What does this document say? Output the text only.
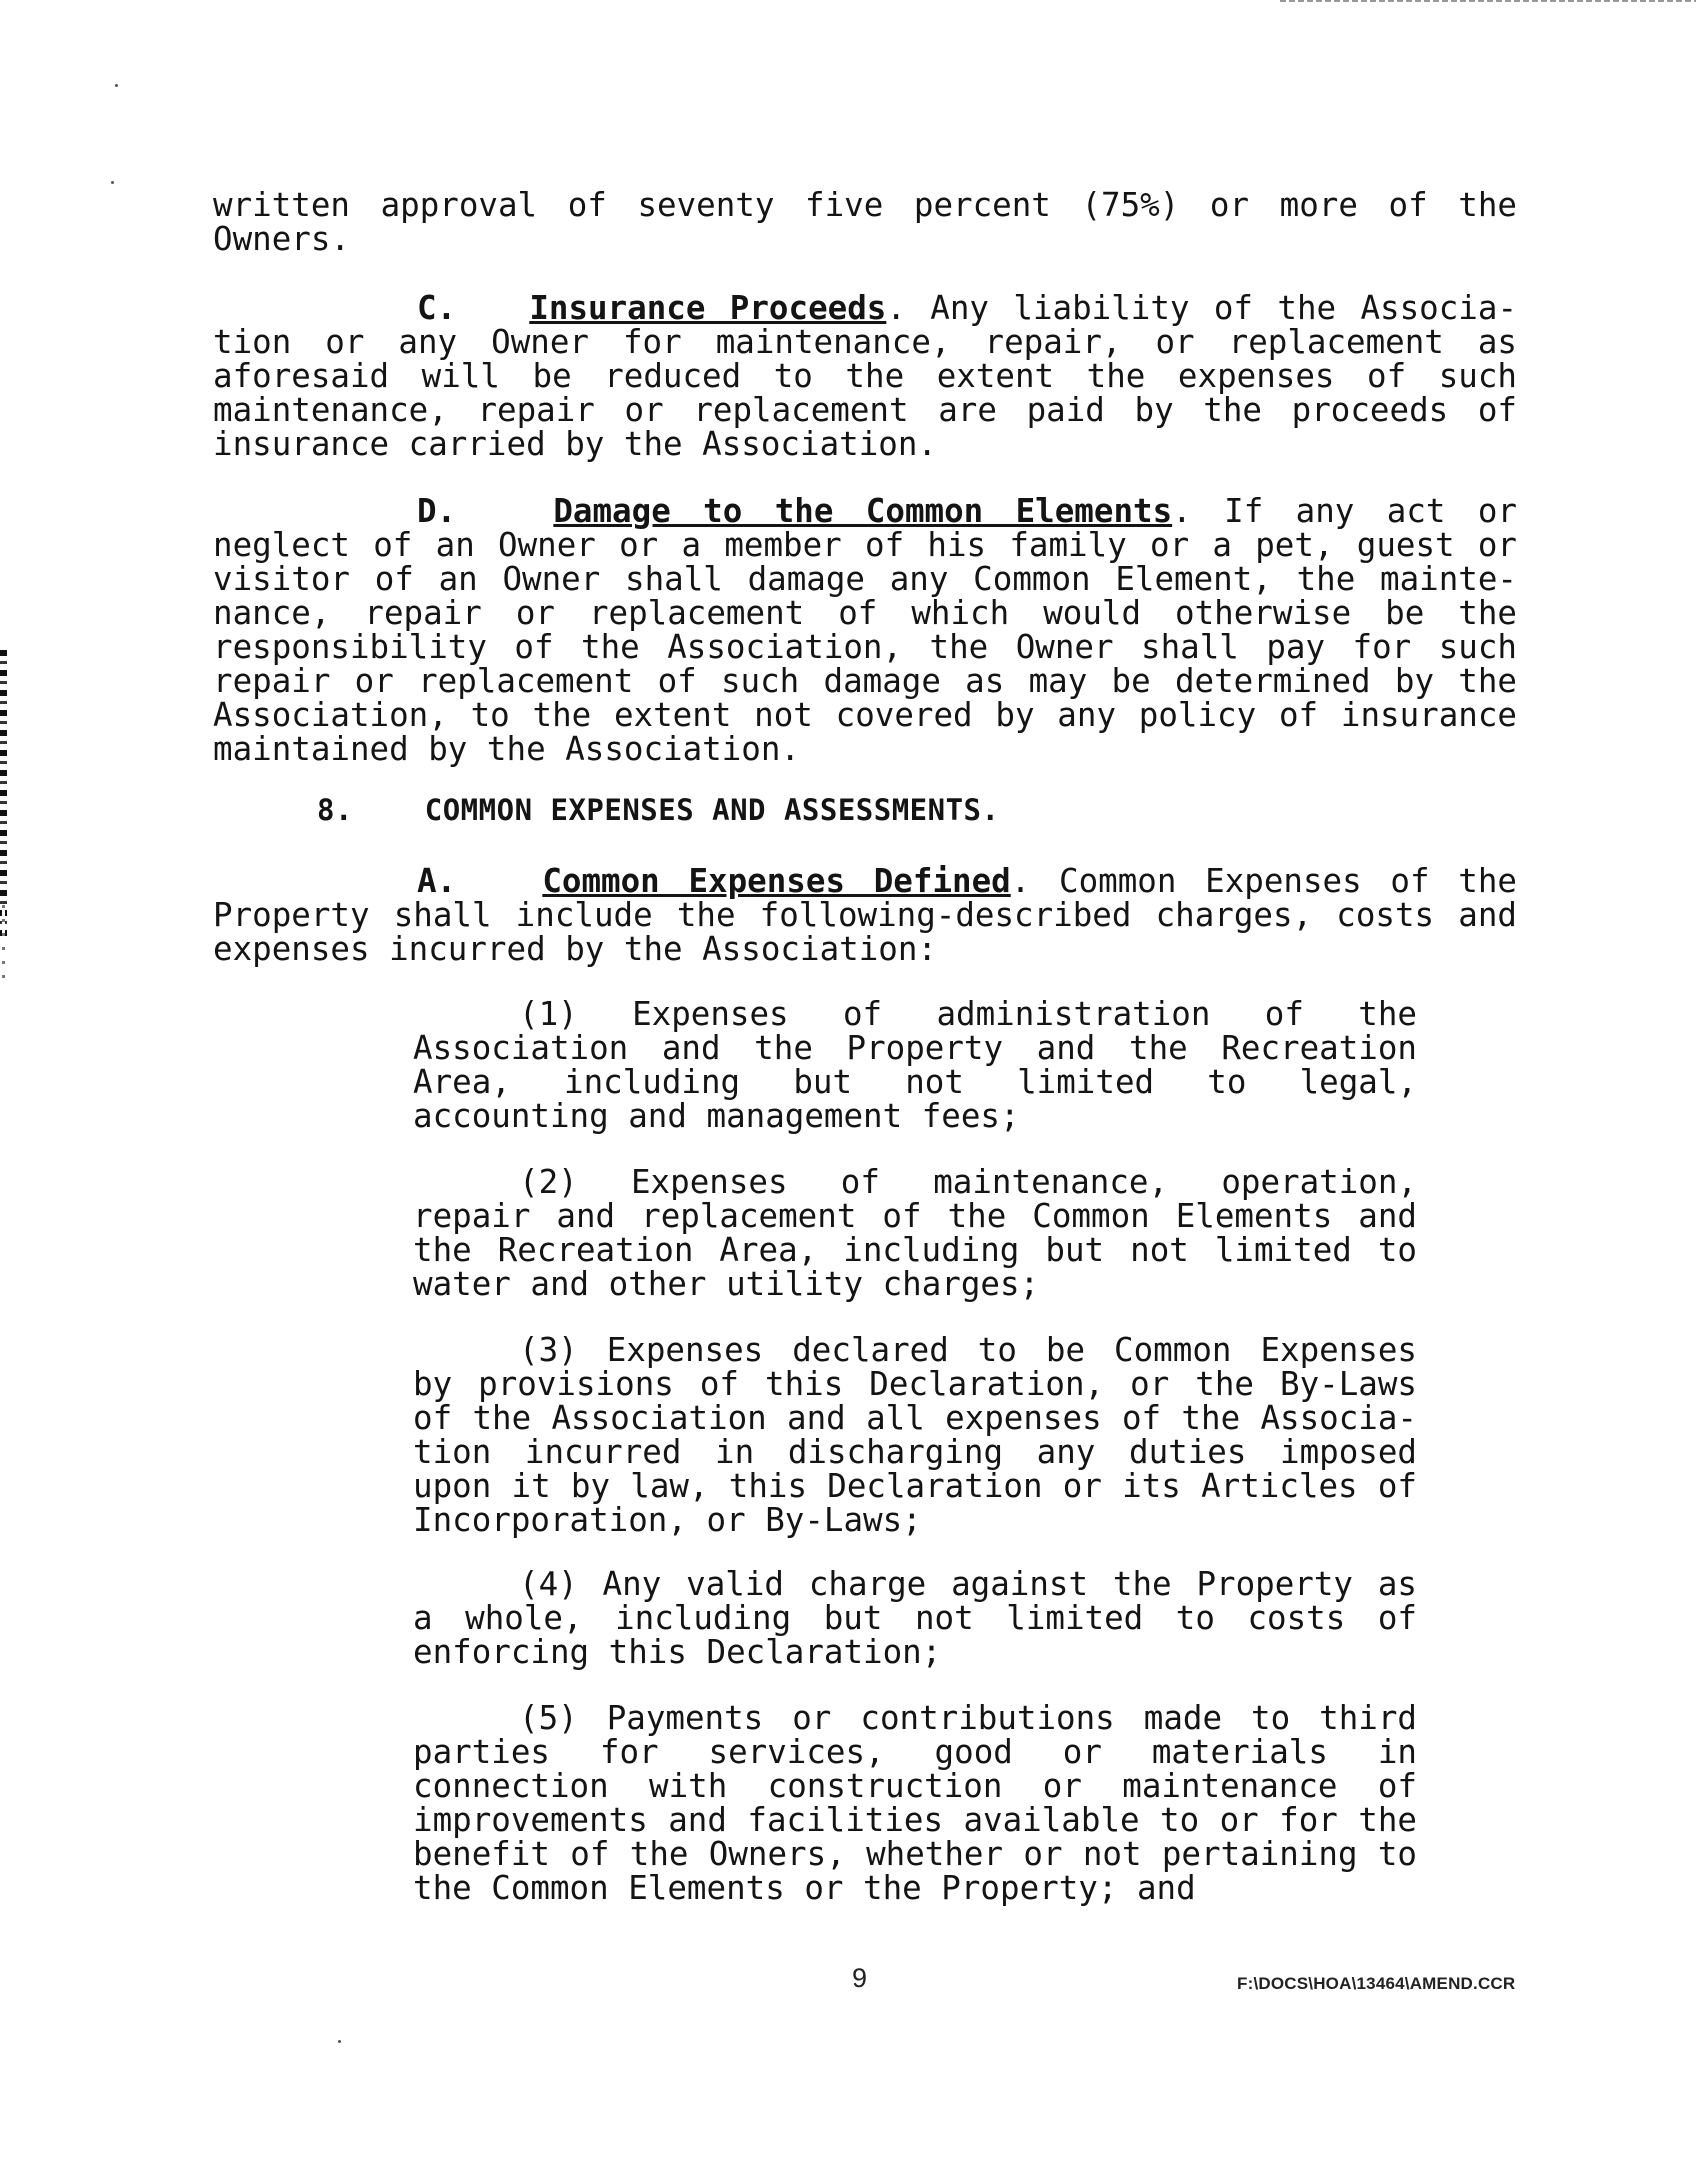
written approval of seventy five percent (75%) or more of the
Owners.
C. Insurance Proceeds. Any liability of the Associa-
tion or any Owner for maintenance, repair, or replacement as
aforesaid will be reduced to the extent the expenses of such
maintenance, repair or replacement are paid by the proceeds of
insurance carried by the Association.
D.	Damage to the Common Elements. If any act or
neglect of an Owner or a member of his family or a pet, guest or
visitor of an Owner shall damage any Common Element, the mainte-
nance, repair or replacement of which would otherwise be the
responsibility of the Association, the Owner shall pay for such
repair or replacement of such damage as may be determined by the
Association, to the extent not covered by any policy of insurance
maintained by the Association.
8. COMMON EXPENSES AND ASSESSMENTS.
A.	Common Expenses Defined. Common Expenses of the
Property shall include the following-described charges, costs and
expenses incurred by the Association:
(1) Expenses of administration of the
Association and the Property and the Recreation
Area, including but not limited to legal,
accounting and management fees;
(2) Expenses of maintenance, operation,
repair and replacement of the Common Elements and
the Recreation Area, including but not limited to
water and other utility charges;
(3) Expenses declared to be Common Expenses
by provisions of this Declaration, or the By-Laws
of the Association and all expenses of the Associa-
tion incurred in discharging any duties imposed
upon it by law, this Declaration or its Articles of
Incorporation, or By-Laws;
(4) Any valid charge against the Property as
a whole, including but not limited to costs of
enforcing this Declaration;
(5) Payments or contributions made to third
parties for services, good or materials in
connection with construction or maintenance of
improvements and facilities available to or for the
benefit of the Owners, whether or not pertaining to
the Common Elements or the Property; and
9	F:\DOCS\HOA\13464\AMEND.CCR
